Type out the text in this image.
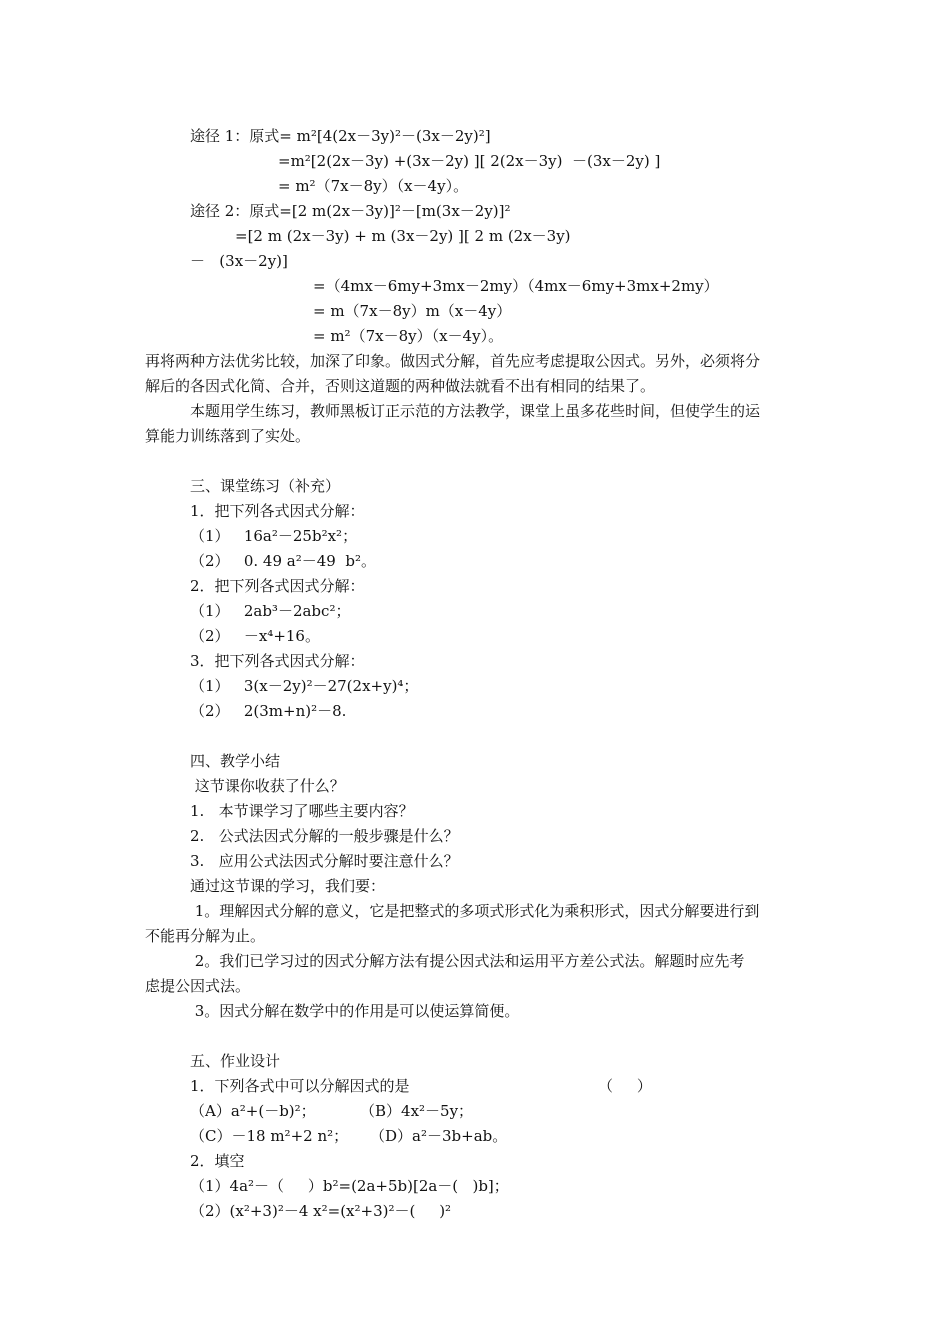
途径 1：原式= m²[4(2x－3y)²－(3x－2y)²]
=m²[2(2x－3y) +(3x－2y) ][ 2(2x－3y)  －(3x－2y) ]
= m²（7x－8y）（x－4y）。
途径 2：原式=[2 m(2x－3y)]²－[m(3x－2y)]²
=[2 m (2x－3y) + m (3x－2y) ][ 2 m (2x－3y)
－   (3x－2y)]
=（4mx－6my+3mx－2my）（4mx－6my+3mx+2my）
= m（7x－8y）m（x－4y）
= m²（7x－8y）（x－4y）。
再将两种方法优劣比较，加深了印象。做因式分解，首先应考虑提取公因式。另外，必须将分
解后的各因式化简、合并，否则这道题的两种做法就看不出有相同的结果了。
本题用学生练习，教师黑板订正示范的方法教学，课堂上虽多花些时间，但使学生的运
算能力训练落到了实处。
三、课堂练习（补充）
1．把下列各式因式分解：
（1）   16a²－25b²x²；
（2）   0. 49 a²－49  b²。
2．把下列各式因式分解：
（1）   2ab³－2abc²；
（2）   －x⁴+16。
3．把下列各式因式分解：
（1）   3(x－2y)²－27(2x+y)⁴；
（2）   2(3m+n)²－8.
四、教学小结
这节课你收获了什么？
1.   本节课学习了哪些主要内容？
2.   公式法因式分解的一般步骤是什么？
3.   应用公式法因式分解时要注意什么？
通过这节课的学习，我们要：
1。理解因式分解的意义，它是把整式的多项式形式化为乘积形式，因式分解要进行到
不能再分解为止。
2。我们已学习过的因式分解方法有提公因式法和运用平方差公式法。解题时应先考
虑提公因式法。
3。因式分解在数学中的作用是可以使运算简便。
五、作业设计
1．下列各式中可以分解因式的是	（     ）
（A）a²+(－b)²；	（B）4x²－5y；
（C）－18 m²+2 n²； （D）a²－3b+ab。
2．填空
（1）4a²－（     ）b²=(2a+5b)[2a－(   )b]；
（2）(x²+3)²－4 x²=(x²+3)²－(     )²
